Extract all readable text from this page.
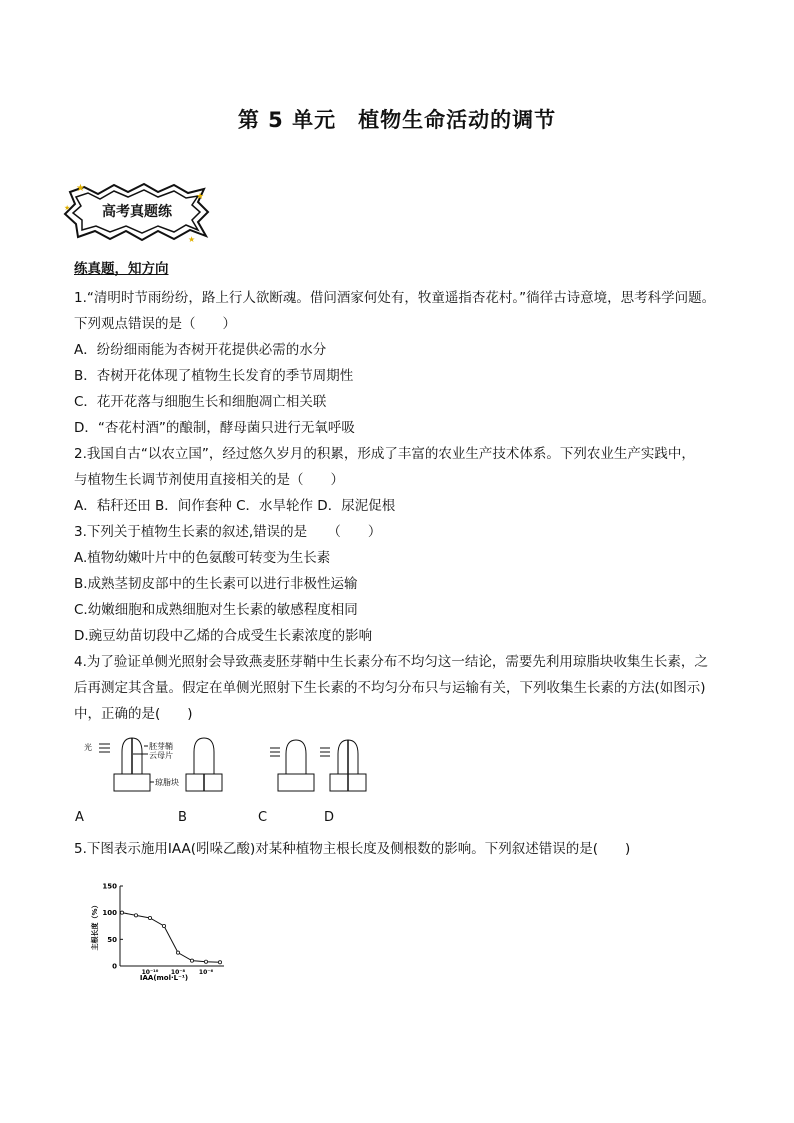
第 5 单元　植物生命活动的调节
★
★
★
★
高考真题练
练真题，知方向
1.“清明时节雨纷纷，路上行人欲断魂。借问酒家何处有，牧童遥指杏花村。”徜徉古诗意境，思考科学问题。
下列观点错误的是（　　）
A．纷纷细雨能为杏树开花提供必需的水分
B．杏树开花体现了植物生长发育的季节周期性
C．花开花落与细胞生长和细胞凋亡相关联
D．“杏花村酒”的酿制，酵母菌只进行无氧呼吸
2.我国自古“以农立国”，经过悠久岁月的积累，形成了丰富的农业生产技术体系。下列农业生产实践中，
与植物生长调节剂使用直接相关的是（　　）
A．秸秆还田 B．间作套种 C．水旱轮作 D．尿泥促根
3.下列关于植物生长素的叙述,错误的是　　（　　）
A.植物幼嫩叶片中的色氨酸可转变为生长素
B.成熟茎韧皮部中的生长素可以进行非极性运输
C.幼嫩细胞和成熟细胞对生长素的敏感程度相同
D.豌豆幼苗切段中乙烯的合成受生长素浓度的影响
4.为了验证单侧光照射会导致燕麦胚芽鞘中生长素分布不均匀这一结论，需要先利用琼脂块收集生长素，之
后再测定其含量。假定在单侧光照射下生长素的不均匀分布只与运输有关，下列收集生长素的方法(如图示)
中，正确的是(　　)
光	胚芽鞘
云母片
琼脂块
A	B	C	D
5.下图表示施用IAA(吲哚乙酸)对某种植物主根长度及侧根数的影响。下列叙述错误的是(　　)
主根长度（%）
0
50
100
150
10⁻¹⁰ 10⁻⁸ 10⁻⁶
IAA(mol·L⁻¹)
